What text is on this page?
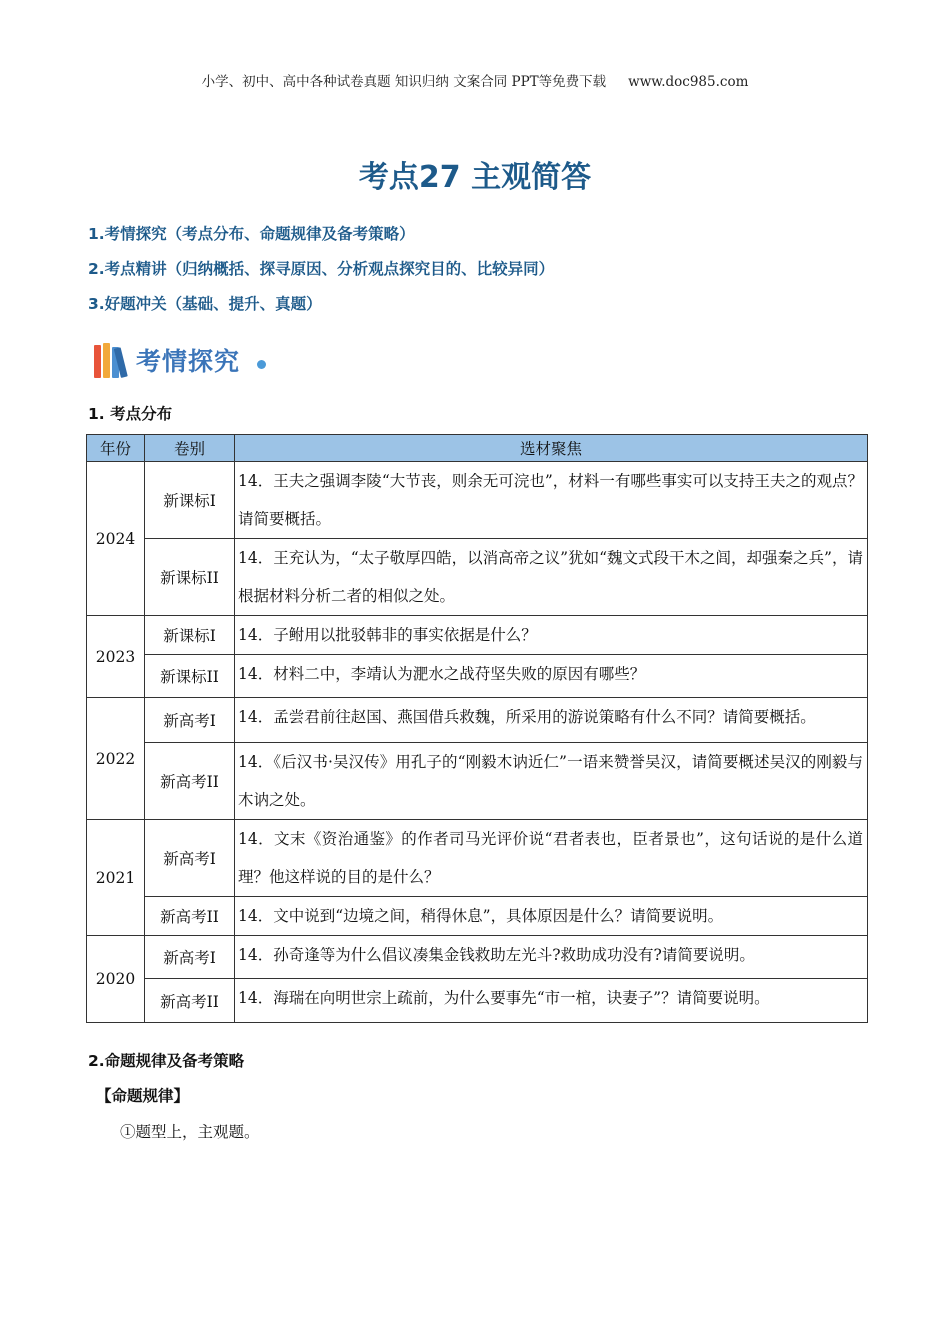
小学、初中、高中各种试卷真题 知识归纳 文案合同 PPT等免费下载 www.doc985.com
考点27 主观简答
1.考情探究（考点分布、命题规律及备考策略）
2.考点精讲（归纳概括、探寻原因、分析观点探究目的、比较异同）
3.好题冲关（基础、提升、真题）
考情探究
1. 考点分布
年份	卷别	选材聚焦
2024	新课标I	14．王夫之强调李陵“大节丧，则余无可浣也”，材料一有哪些事实可以支持王夫之的观点？请简要概括。
	新课标II	14．王充认为，“太子敬厚四皓，以消高帝之议”犹如“魏文式段干木之闾，却强秦之兵”，请根据材料分析二者的相似之处。
2023	新课标I	14．子鲋用以批驳韩非的事实依据是什么？
	新课标II	14．材料二中，李靖认为淝水之战苻坚失败的原因有哪些？
2022	新高考I	14．孟尝君前往赵国、燕国借兵救魏，所采用的游说策略有什么不同？请简要概括。
	新高考II	14．《后汉书·吴汉传》用孔子的“刚毅木讷近仁”一语来赞誉吴汉，请简要概述吴汉的刚毅与木讷之处。
2021	新高考I	14．文末《资治通鉴》的作者司马光评价说“君者表也，臣者景也”，这句话说的是什么道理？他这样说的目的是什么？
	新高考II	14．文中说到“边境之间，稍得休息”，具体原因是什么？请简要说明。
2020	新高考I	14．孙奇逢等为什么倡议凑集金钱救助左光斗?救助成功没有?请简要说明。
	新高考II	14．海瑞在向明世宗上疏前，为什么要事先“市一棺，诀妻子”？请简要说明。
2.命题规律及备考策略
【命题规律】
①题型上，主观题。
